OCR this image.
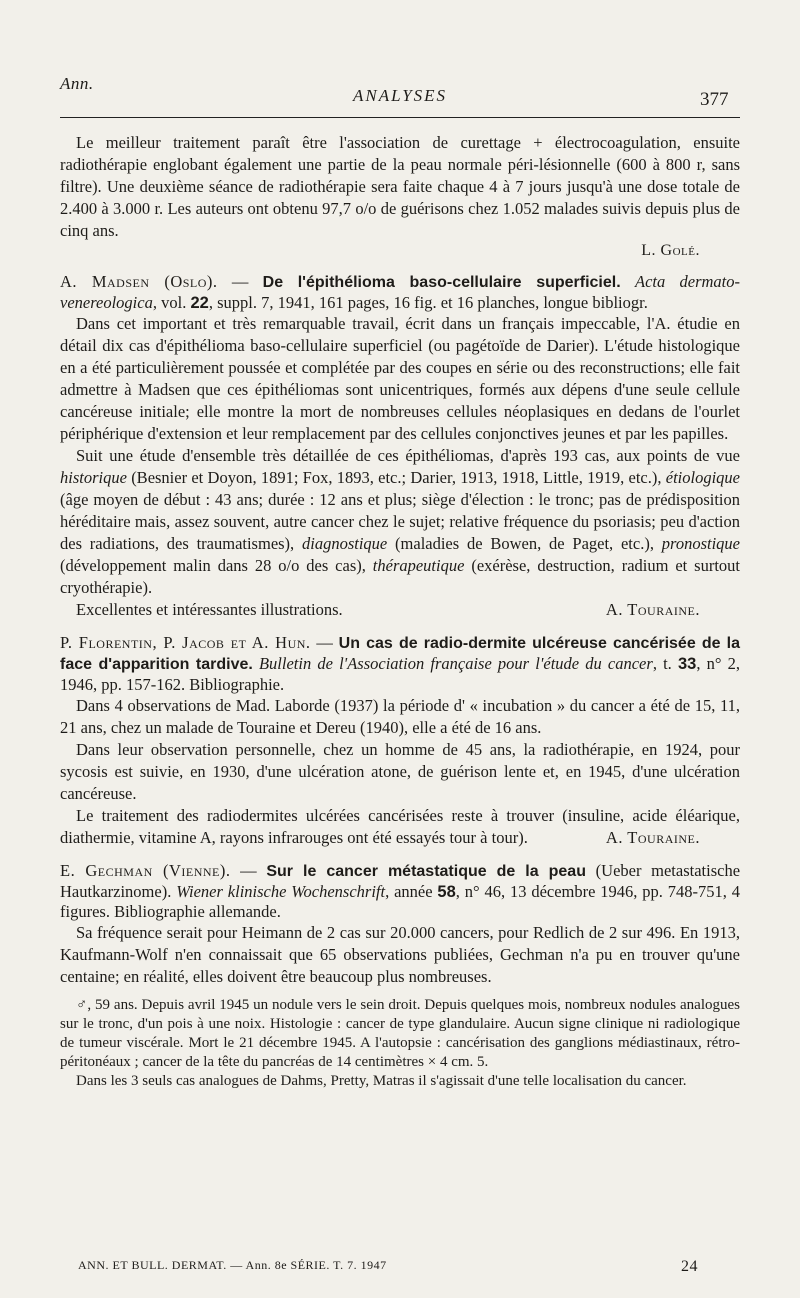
Ann.
ANALYSES	377

Le meilleur traitement paraît être l'association de curettage + électrocoagulation, ensuite radiothérapie englobant également une partie de la peau normale péri-lésionnelle (600 à 800 r, sans filtre). Une deuxième séance de radiothérapie sera faite chaque 4 à 7 jours jusqu'à une dose totale de 2.400 à 3.000 r. Les auteurs ont obtenu 97,7 o/o de guérisons chez 1.052 malades suivis depuis plus de cinq ans.

L. Golé.

A. Madsen (Oslo). — De l'épithélioma baso-cellulaire superficiel. Acta dermato-venereologica, vol. 22, suppl. 7, 1941, 161 pages, 16 fig. et 16 planches, longue bibliogr.

Dans cet important et très remarquable travail, écrit dans un français impeccable, l'A. étudie en détail dix cas d'épithélioma baso-cellulaire superficiel (ou pagétoïde de Darier). L'étude histologique en a été particulièrement poussée et complétée par des coupes en série ou des reconstructions; elle fait admettre à Madsen que ces épithéliomas sont unicentriques, formés aux dépens d'une seule cellule cancéreuse initiale; elle montre la mort de nombreuses cellules néoplasiques en dedans de l'ourlet périphérique d'extension et leur remplacement par des cellules conjonctives jeunes et par les papilles.

Suit une étude d'ensemble très détaillée de ces épithéliomas, d'après 193 cas, aux points de vue historique (Besnier et Doyon, 1891; Fox, 1893, etc.; Darier, 1913, 1918, Little, 1919, etc.), étiologique (âge moyen de début : 43 ans; durée : 12 ans et plus; siège d'élection : le tronc; pas de prédisposition héréditaire mais, assez souvent, autre cancer chez le sujet; relative fréquence du psoriasis; peu d'action des radiations, des traumatismes), diagnostique (maladies de Bowen, de Paget, etc.), pronostique (développement malin dans 28 o/o des cas), thérapeutique (exérèse, destruction, radium et surtout cryothérapie).

Excellentes et intéressantes illustrations.	A. Touraine.

P. Florentin, P. Jacob et A. Hun. — Un cas de radio-dermite ulcéreuse cancérisée de la face d'apparition tardive. Bulletin de l'Association française pour l'étude du cancer, t. 33, n° 2, 1946, pp. 157-162. Bibliographie.

Dans 4 observations de Mad. Laborde (1937) la période d' « incubation » du cancer a été de 15, 11, 21 ans, chez un malade de Touraine et Dereu (1940), elle a été de 16 ans.

Dans leur observation personnelle, chez un homme de 45 ans, la radiothérapie, en 1924, pour sycosis est suivie, en 1930, d'une ulcération atone, de guérison lente et, en 1945, d'une ulcération cancéreuse.

Le traitement des radiodermites ulcérées cancérisées reste à trouver (insuline, acide éléarique, diathermie, vitamine A, rayons infrarouges ont été essayés tour à tour).	A. Touraine.

E. Gechman (Vienne). — Sur le cancer métastatique de la peau (Ueber metastatische Hautkarzinome). Wiener klinische Wochenschrift, année 58, n° 46, 13 décembre 1946, pp. 748-751, 4 figures. Bibliographie allemande.

Sa fréquence serait pour Heimann de 2 cas sur 20.000 cancers, pour Redlich de 2 sur 496. En 1913, Kaufmann-Wolf n'en connaissait que 65 observations publiées, Gechman n'a pu en trouver qu'une centaine; en réalité, elles doivent être beaucoup plus nombreuses.

♂, 59 ans. Depuis avril 1945 un nodule vers le sein droit. Depuis quelques mois, nombreux nodules analogues sur le tronc, d'un pois à une noix. Histologie : cancer de type glandulaire. Aucun signe clinique ni radiologique de tumeur viscérale. Mort le 21 décembre 1945. A l'autopsie : cancérisation des ganglions médiastinaux, rétro-péritonéaux ; cancer de la tête du pancréas de 14 centimètres × 4 cm. 5.

Dans les 3 seuls cas analogues de Dahms, Pretty, Matras il s'agissait d'une telle localisation du cancer.

ANN. ET BULL. DERMAT. — Ann. 8e SÉRIE. T. 7. 1947	24
